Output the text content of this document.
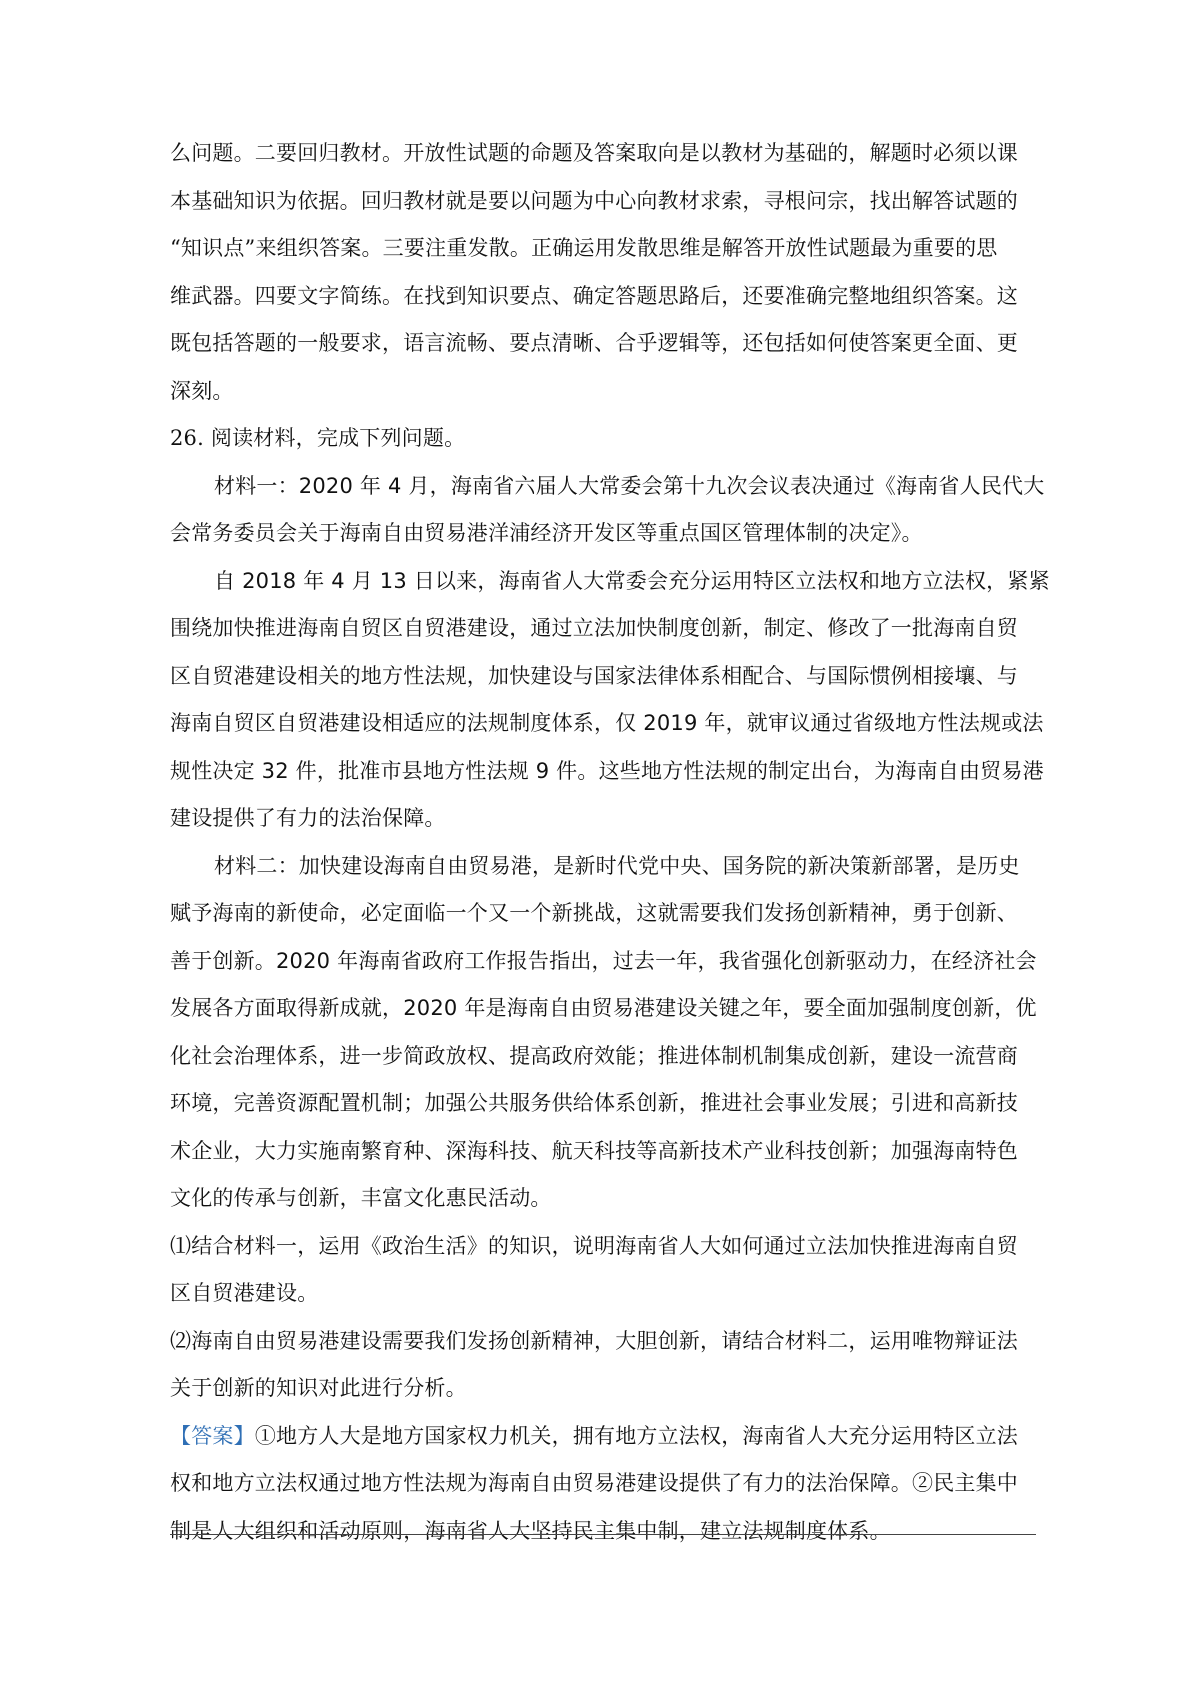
么问题。二要回归教材。开放性试题的命题及答案取向是以教材为基础的，解题时必须以课
本基础知识为依据。回归教材就是要以问题为中心向教材求索，寻根问宗，找出解答试题的
“知识点”来组织答案。三要注重发散。正确运用发散思维是解答开放性试题最为重要的思
维武器。四要文字简练。在找到知识要点、确定答题思路后，还要准确完整地组织答案。这
既包括答题的一般要求，语言流畅、要点清晰、合乎逻辑等，还包括如何使答案更全面、更
深刻。
26. 阅读材料，完成下列问题。
材料一：2020 年 4 月，海南省六届人大常委会第十九次会议表决通过《海南省人民代大
会常务委员会关于海南自由贸易港洋浦经济开发区等重点国区管理体制的决定》。
自 2018 年 4 月 13 日以来，海南省人大常委会充分运用特区立法权和地方立法权，紧紧
围绕加快推进海南自贸区自贸港建设，通过立法加快制度创新，制定、修改了一批海南自贸
区自贸港建设相关的地方性法规，加快建设与国家法律体系相配合、与国际惯例相接壤、与
海南自贸区自贸港建设相适应的法规制度体系，仅 2019 年，就审议通过省级地方性法规或法
规性决定 32 件，批准市县地方性法规 9 件。这些地方性法规的制定出台，为海南自由贸易港
建设提供了有力的法治保障。
材料二：加快建设海南自由贸易港，是新时代党中央、国务院的新决策新部署，是历史
赋予海南的新使命，必定面临一个又一个新挑战，这就需要我们发扬创新精神，勇于创新、
善于创新。2020 年海南省政府工作报告指出，过去一年，我省强化创新驱动力，在经济社会
发展各方面取得新成就，2020 年是海南自由贸易港建设关键之年，要全面加强制度创新，优
化社会治理体系，进一步简政放权、提高政府效能；推进体制机制集成创新，建设一流营商
环境，完善资源配置机制；加强公共服务供给体系创新，推进社会事业发展；引进和高新技
术企业，大力实施南繁育种、深海科技、航天科技等高新技术产业科技创新；加强海南特色
文化的传承与创新，丰富文化惠民活动。
⑴结合材料一，运用《政治生活》的知识，说明海南省人大如何通过立法加快推进海南自贸
区自贸港建设。
⑵海南自由贸易港建设需要我们发扬创新精神，大胆创新，请结合材料二，运用唯物辩证法
关于创新的知识对此进行分析。
【答案】①地方人大是地方国家权力机关，拥有地方立法权，海南省人大充分运用特区立法
权和地方立法权通过地方性法规为海南自由贸易港建设提供了有力的法治保障。②民主集中
制是人大组织和活动原则，海南省人大坚持民主集中制，建立法规制度体系。
